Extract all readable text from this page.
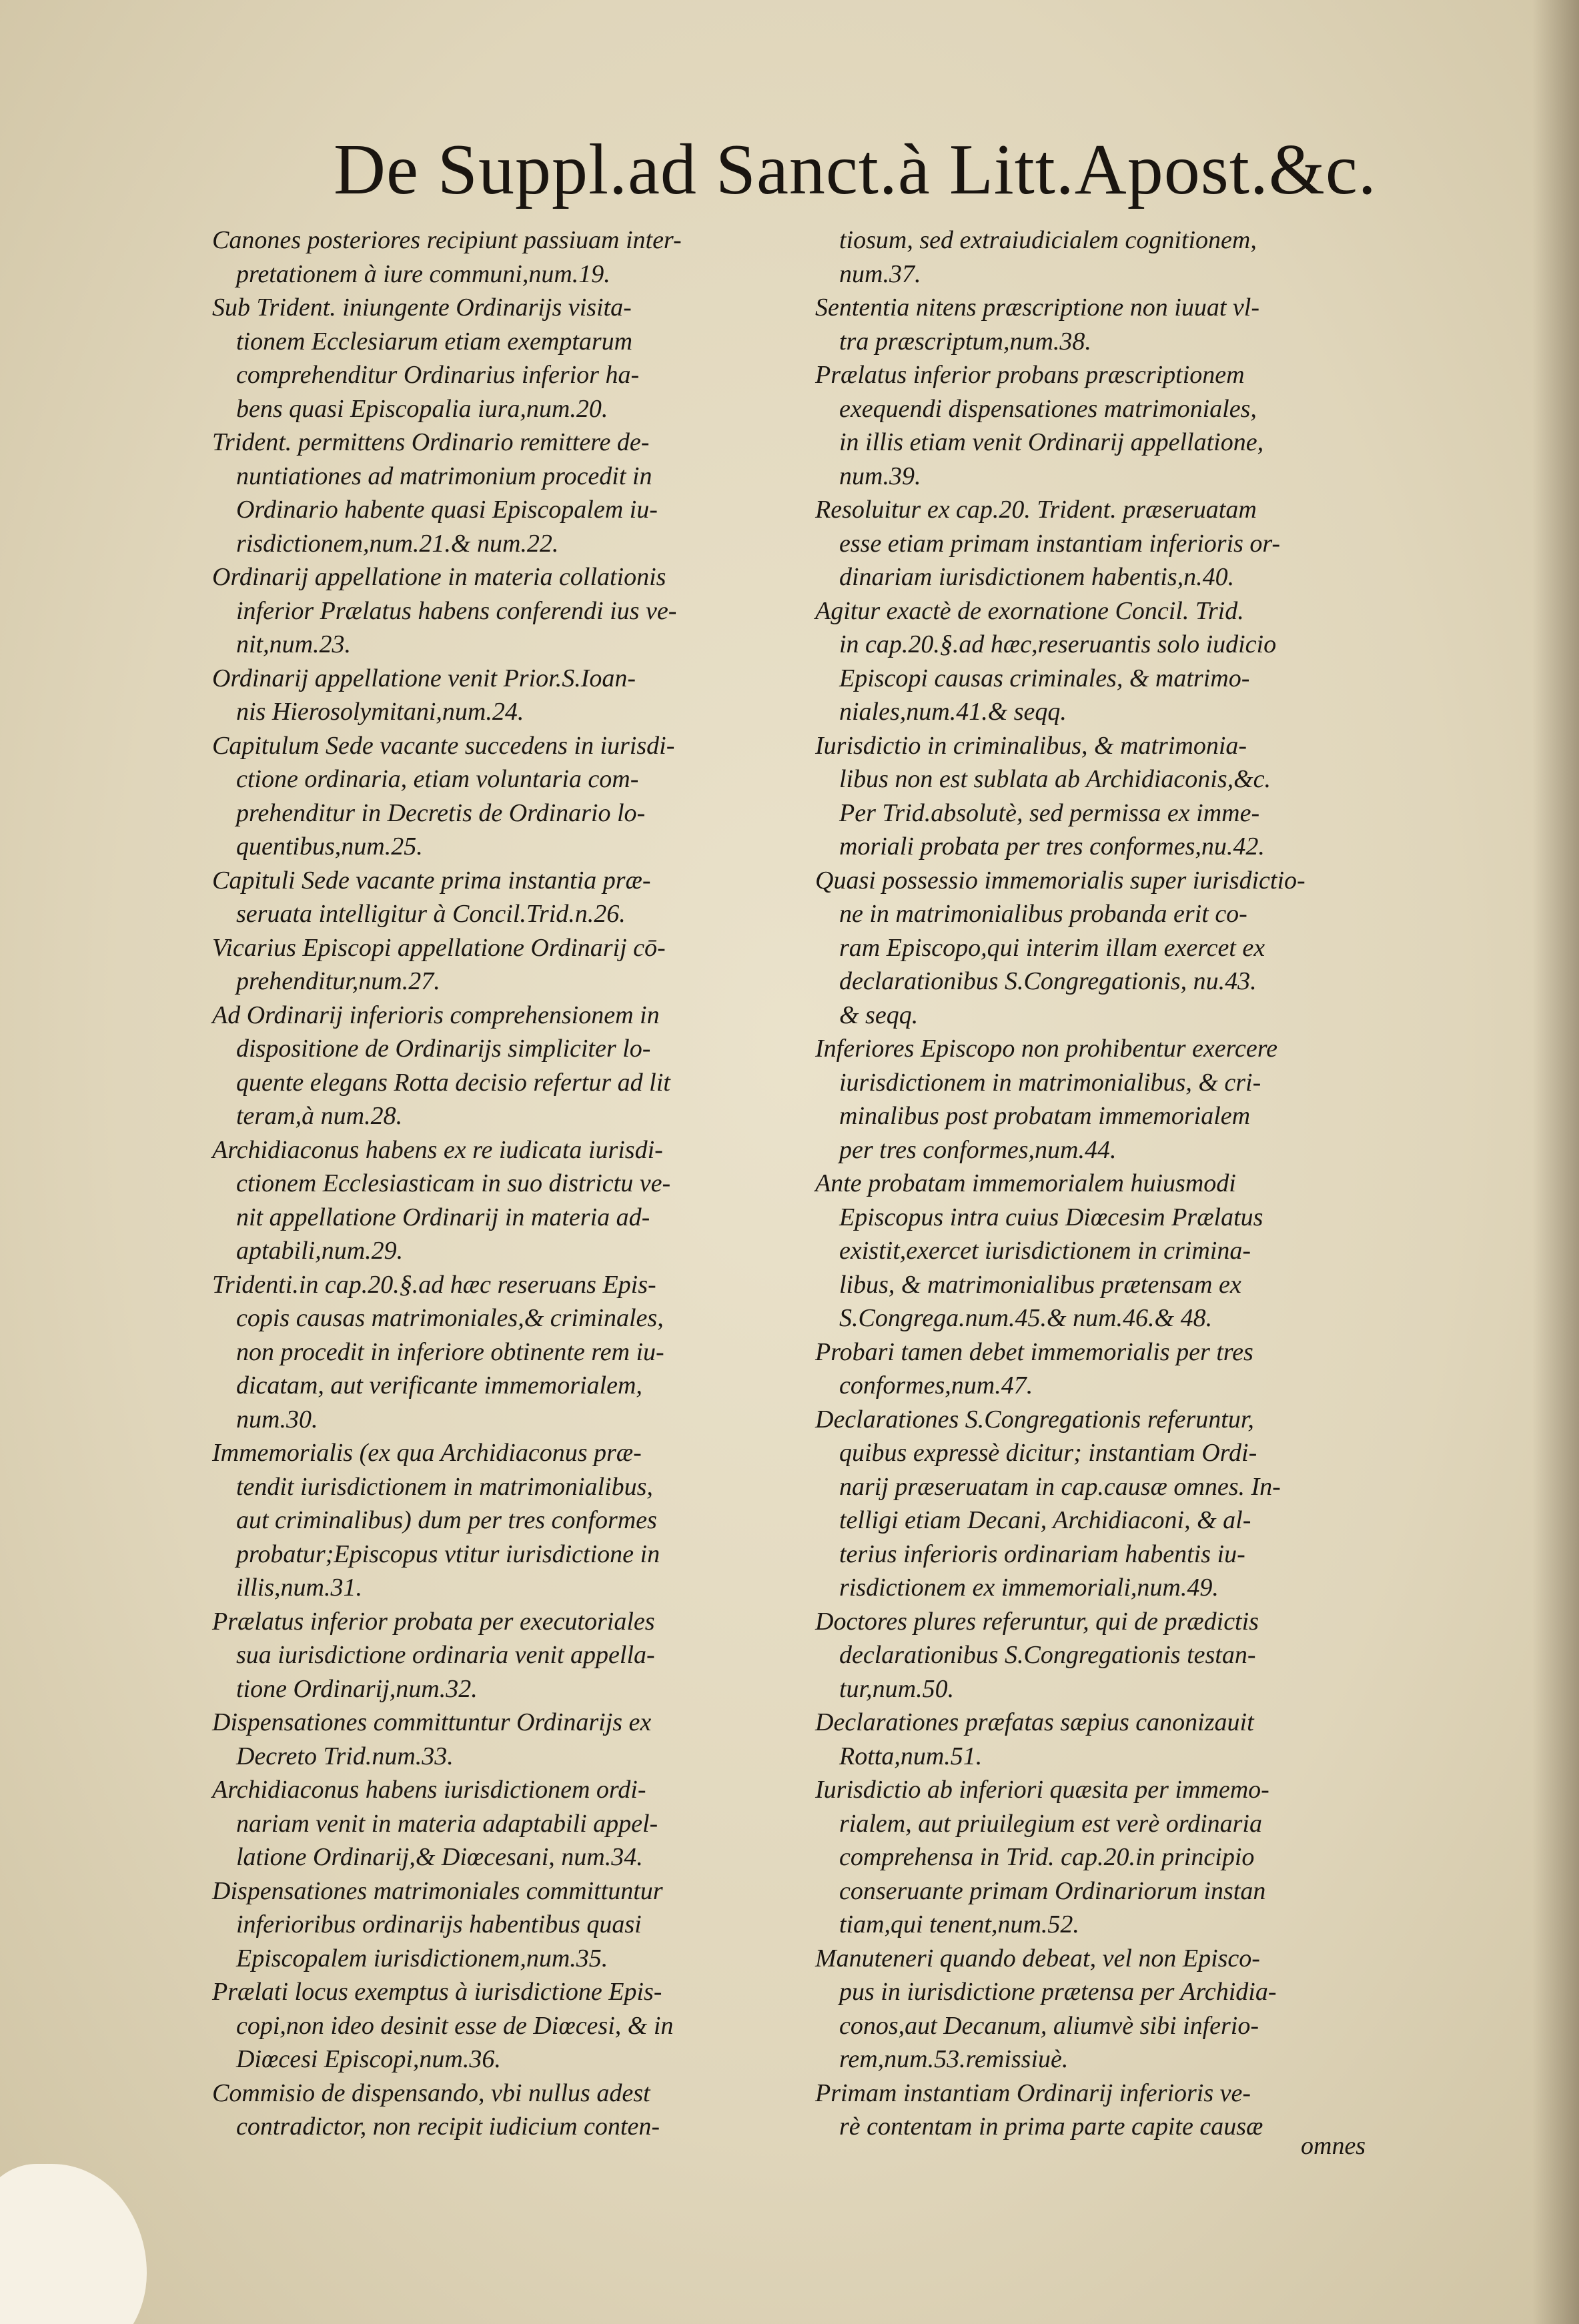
De Suppl.ad Sanct.à Litt.Apost.&c.
Canones posteriores recipiunt passiuam inter-
pretationem à iure communi,num.19.
Sub Trident. iniungente Ordinarijs visita-
tionem Ecclesiarum etiam exemptarum
comprehenditur Ordinarius inferior ha-
bens quasi Episcopalia iura,num.20.
Trident. permittens Ordinario remittere de-
nuntiationes ad matrimonium procedit in
Ordinario habente quasi Episcopalem iu-
risdictionem,num.21.& num.22.
Ordinarij appellatione in materia collationis
inferior Prælatus habens conferendi ius ve-
nit,num.23.
Ordinarij appellatione venit Prior.S.Ioan-
nis Hierosolymitani,num.24.
Capitulum Sede vacante succedens in iurisdi-
ctione ordinaria, etiam voluntaria com-
prehenditur in Decretis de Ordinario lo-
quentibus,num.25.
Capituli Sede vacante prima instantia præ-
seruata intelligitur à Concil.Trid.n.26.
Vicarius Episcopi appellatione Ordinarij cō-
prehenditur,num.27.
Ad Ordinarij inferioris comprehensionem in
dispositione de Ordinarijs simpliciter lo-
quente elegans Rotta decisio refertur ad lit
teram,à num.28.
Archidiaconus habens ex re iudicata iurisdi-
ctionem Ecclesiasticam in suo districtu ve-
nit appellatione Ordinarij in materia ad-
aptabili,num.29.
Tridenti.in cap.20.§.ad hæc reseruans Epis-
copis causas matrimoniales,& criminales,
non procedit in inferiore obtinente rem iu-
dicatam, aut verificante immemorialem,
num.30.
Immemorialis (ex qua Archidiaconus præ-
tendit iurisdictionem in matrimonialibus,
aut criminalibus) dum per tres conformes
probatur;Episcopus vtitur iurisdictione in
illis,num.31.
Prælatus inferior probata per executoriales
sua iurisdictione ordinaria venit appella-
tione Ordinarij,num.32.
Dispensationes committuntur Ordinarijs ex
Decreto Trid.num.33.
Archidiaconus habens iurisdictionem ordi-
nariam venit in materia adaptabili appel-
latione Ordinarij,& Diœcesani, num.34.
Dispensationes matrimoniales committuntur
inferioribus ordinarijs habentibus quasi
Episcopalem iurisdictionem,num.35.
Prælati locus exemptus à iurisdictione Epis-
copi,non ideo desinit esse de Diœcesi, & in
Diœcesi Episcopi,num.36.
Commisio de dispensando, vbi nullus adest
contradictor, non recipit iudicium conten-
tiosum, sed extraiudicialem cognitionem,
num.37.
Sententia nitens præscriptione non iuuat vl-
tra præscriptum,num.38.
Prælatus inferior probans præscriptionem
exequendi dispensationes matrimoniales,
in illis etiam venit Ordinarij appellatione,
num.39.
Resoluitur ex cap.20. Trident. præseruatam
esse etiam primam instantiam inferioris or-
dinariam iurisdictionem habentis,n.40.
Agitur exactè de exornatione Concil. Trid.
in cap.20.§.ad hæc,reseruantis solo iudicio
Episcopi causas criminales, & matrimo-
niales,num.41.& seqq.
Iurisdictio in criminalibus, & matrimonia-
libus non est sublata ab Archidiaconis,&c.
Per Trid.absolutè, sed permissa ex imme-
moriali probata per tres conformes,nu.42.
Quasi possessio immemorialis super iurisdictio-
ne in matrimonialibus probanda erit co-
ram Episcopo,qui interim illam exercet ex
declarationibus S.Congregationis, nu.43.
& seqq.
Inferiores Episcopo non prohibentur exercere
iurisdictionem in matrimonialibus, & cri-
minalibus post probatam immemorialem
per tres conformes,num.44.
Ante probatam immemorialem huiusmodi
Episcopus intra cuius Diœcesim Prælatus
existit,exercet iurisdictionem in crimina-
libus, & matrimonialibus prætensam ex
S.Congrega.num.45.& num.46.& 48.
Probari tamen debet immemorialis per tres
conformes,num.47.
Declarationes S.Congregationis referuntur,
quibus expressè dicitur; instantiam Ordi-
narij præseruatam in cap.causæ omnes. In-
telligi etiam Decani, Archidiaconi, & al-
terius inferioris ordinariam habentis iu-
risdictionem ex immemoriali,num.49.
Doctores plures referuntur, qui de prædictis
declarationibus S.Congregationis testan-
tur,num.50.
Declarationes præfatas sæpius canonizauit
Rotta,num.51.
Iurisdictio ab inferiori quæsita per immemo-
rialem, aut priuilegium est verè ordinaria
comprehensa in Trid. cap.20.in principio
conseruante primam Ordinariorum instan
tiam,qui tenent,num.52.
Manuteneri quando debeat, vel non Episco-
pus in iurisdictione prætensa per Archidia-
conos,aut Decanum, aliumvè sibi inferio-
rem,num.53.remissiuè.
Primam instantiam Ordinarij inferioris ve-
rè contentam in prima parte capite causæ
omnes
